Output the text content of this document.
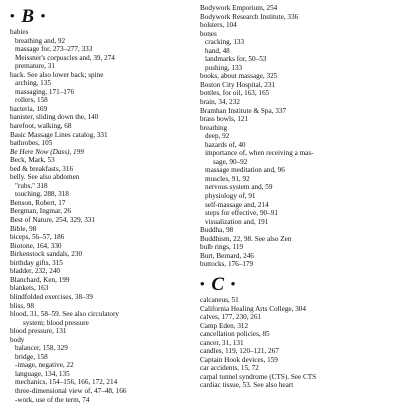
• B •
babies
breathing and, 92
massage for, 273–277, 333
Meissner's corpuscles and, 39, 274
premature, 31
back. See also lower back; spine
arching, 135
massaging, 171–176
rollers, 158
bacteria, 169
banister, sliding down the, 140
barefoot, walking, 68
Basic Massage Lines catalog, 331
bathrobes, 105
Be Here Now (Dass), 199
Beck, Mark, 53
bed & breakfasts, 316
belly. See also abdomen
"rubs," 318
touching, 288, 318
Benson, Robert, 17
Bergman, Ingmar, 26
Best of Nature, 254, 329, 331
Bible, 98
biceps, 56–57, 186
Biotone, 164, 330
Birkenstock sandals, 230
birthday gifts, 315
bladder, 232, 240
Blanchard, Ken, 199
blankets, 163
blindfolded exercises, 38–39
bliss, 98
blood, 31, 58–59. See also circulatory
system; blood pressure
blood pressure, 131
body
balancer, 158, 329
bridge, 158
-image, negative, 22
language, 134, 135
mechanics, 154–156, 166, 172, 214
three-dimensional view of, 47–48, 166
-work, use of the term, 74
Bodywork Emporium, 254
Bodywork Research Institute, 336
bolsters, 104
bones
cracking, 133
hand, 48
landmarks for, 50–53
pushing, 133
books, about massage, 325
Boston City Hospital, 231
bottles, for oil, 163, 165
brain, 34, 232
Bramhan Institute & Spa, 337
brass bowls, 121
breathing
deep, 92
hazards of, 40
importance of, when receiving a mas-
sage, 90–92
massage meditation and, 96
muscles, 91, 92
nervous system and, 59
physiology of, 91
self-massage and, 214
steps for effective, 90–91
visualization and, 191
Buddha, 98
Buddhism, 22, 98. See also Zen
bulb rings, 119
Burt, Bernard, 246
buttocks, 176–179
• C •
calcaneus, 51
California Healing Arts College, 304
calves, 177, 230, 261
Camp Eden, 312
cancellation policies, 85
cancer, 31, 131
candles, 119, 120–121, 267
Captain Hook devices, 159
car accidents, 15, 72
carpal tunnel syndrome (CTS). See CTS
cardiac tissue, 53. See also heart
